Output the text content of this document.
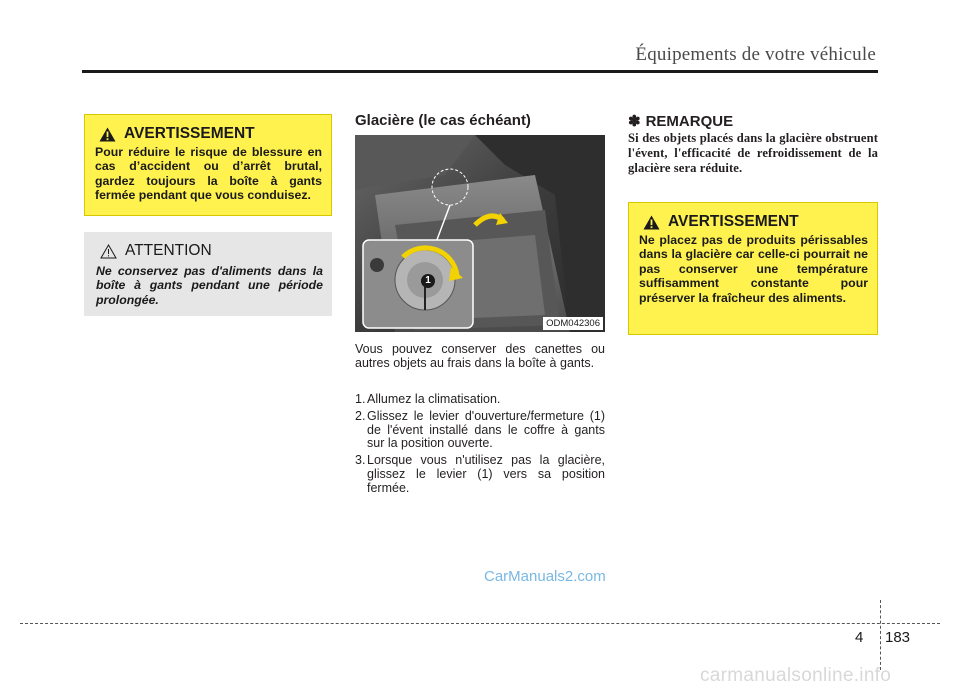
Équipements de votre véhicule
AVERTISSEMENT
Pour réduire le risque de blessure en cas d’accident ou d’arrêt brutal, gardez toujours la boîte à gants fermée pendant que vous conduisez.
ATTENTION
Ne conservez pas d'aliments dans la boîte à gants pendant une période prolongée.
Glacière (le cas échéant)
1
ODM042306
Vous pouvez conserver des canettes ou autres objets au frais dans la boîte à gants.
1. Allumez la climatisation.
2. Glissez le levier d'ouverture/fermeture (1) de l'évent installé dans le coffre à gants sur la position ouverte.
3. Lorsque vous n'utilisez pas la glacière, glissez le levier (1) vers sa position fermée.
✽ REMARQUE
Si des objets placés dans la glacière obstruent l'évent, l'efficacité de refroidissement de la glacière sera réduite.
AVERTISSEMENT
Ne placez pas de produits périssables dans la glacière car celle-ci pourrait ne pas conserver une température suffisamment constante pour préserver la fraîcheur des aliments.
CarManuals2.com
4 183
carmanualsonline.info
